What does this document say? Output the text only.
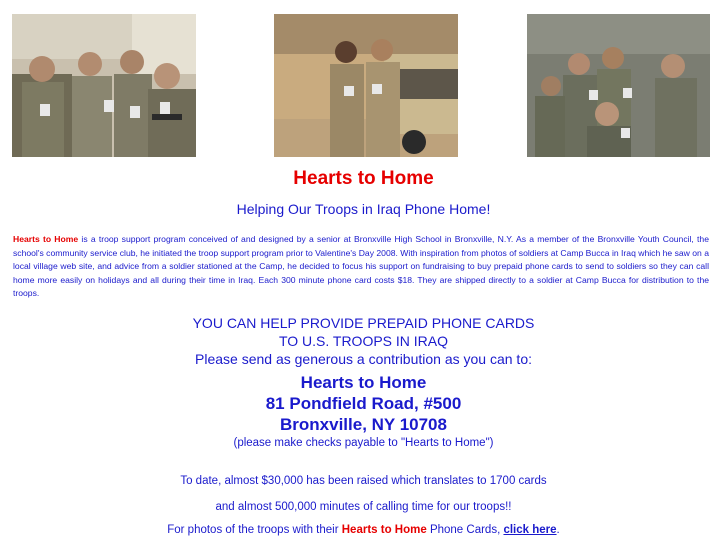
Hearts to Home
Helping Our Troops in Iraq Phone Home!
Hearts to Home is a troop support program conceived of and designed by a senior at Bronxville High School in Bronxville, N.Y. As a member of the Bronxville Youth Council, the school's community service club, he initiated the troop support program prior to Valentine's Day 2008. With inspiration from photos of soldiers at Camp Bucca in Iraq which he saw on a local village web site, and advice from a soldier stationed at the Camp, he decided to focus his support on fundraising to buy prepaid phone cards to send to soldiers so they can call home more easily on holidays and all during their time in Iraq. Each 300 minute phone card costs $18. They are shipped directly to a soldier at Camp Bucca for distribution to the troops.
YOU CAN HELP PROVIDE PREPAID PHONE CARDS
TO U.S. TROOPS IN IRAQ
Please send as generous a contribution as you can to:
Hearts to Home
81 Pondfield Road, #500
Bronxville, NY 10708
(please make checks payable to "Hearts to Home")
To date, almost $30,000 has been raised which translates to 1700 cards
and almost 500,000 minutes of calling time for our troops!!
For photos of the troops with their Hearts to Home Phone Cards, click here.
